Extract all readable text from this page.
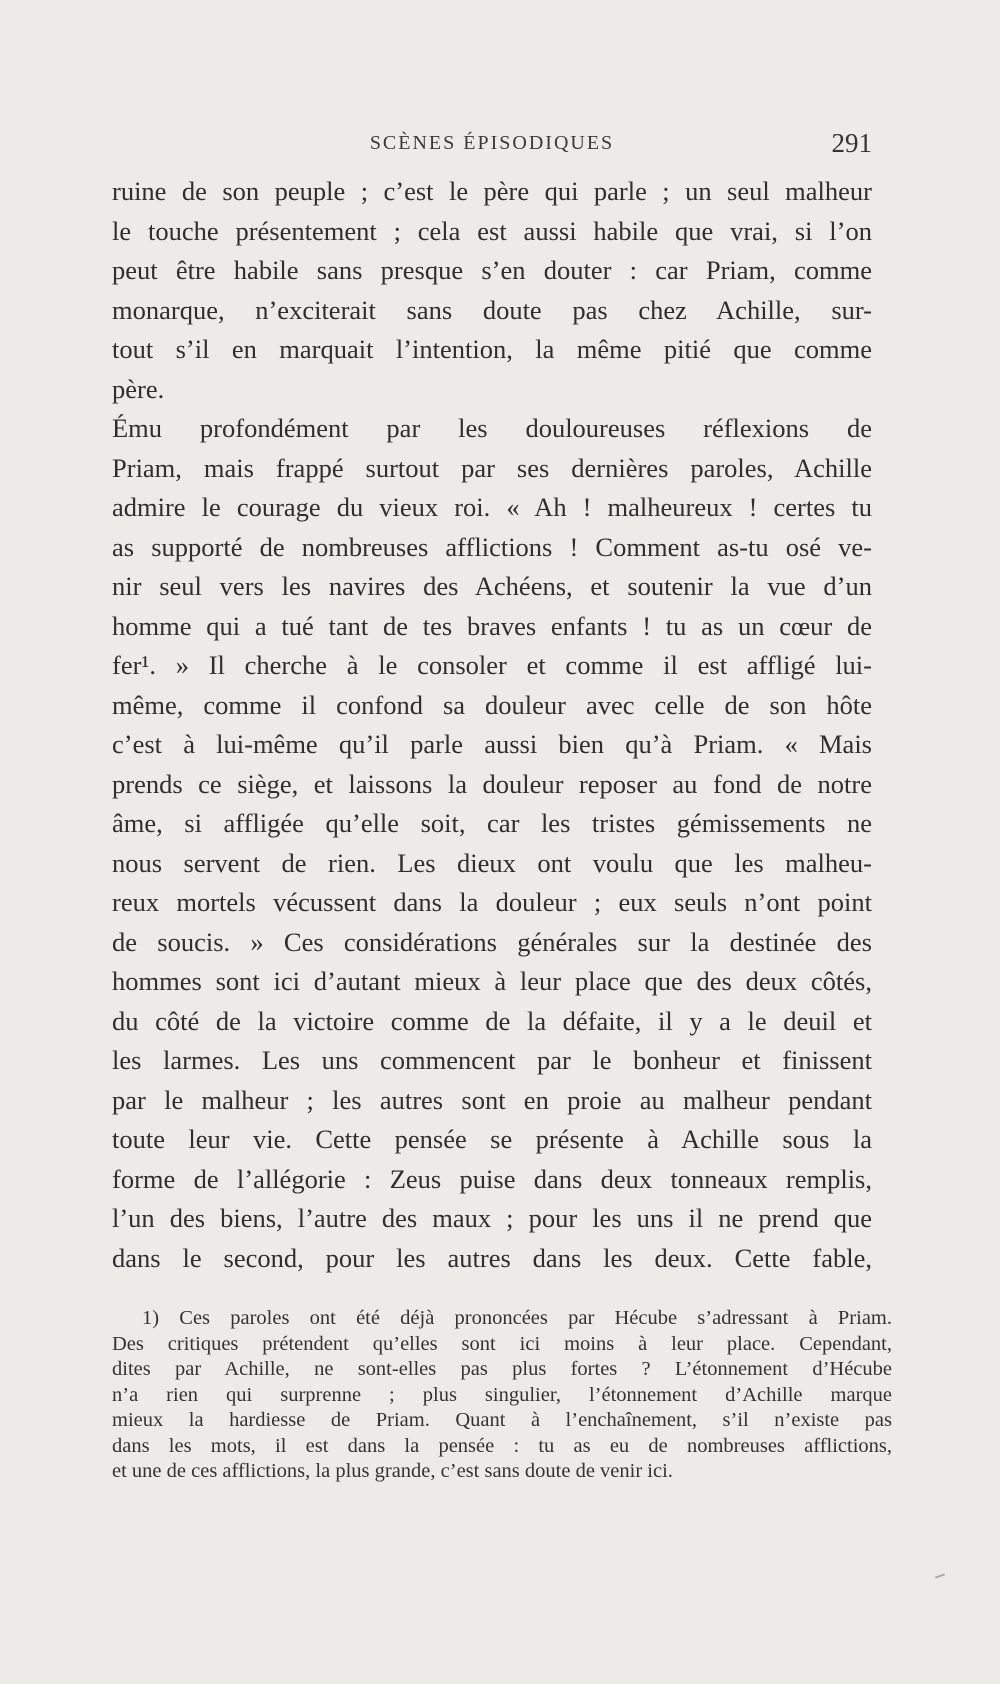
SCÈNES ÉPISODIQUES	291
ruine de son peuple ; c’est le père qui parle ; un seul malheur
le touche présentement ; cela est aussi habile que vrai, si l’on
peut être habile sans presque s’en douter : car Priam, comme
monarque, n’exciterait sans doute pas chez Achille, sur-
tout s’il en marquait l’intention, la même pitié que comme
père.
Ému profondément par les douloureuses réflexions de
Priam, mais frappé surtout par ses dernières paroles, Achille
admire le courage du vieux roi. « Ah ! malheureux ! certes tu
as supporté de nombreuses afflictions ! Comment as-tu osé ve-
nir seul vers les navires des Achéens, et soutenir la vue d’un
homme qui a tué tant de tes braves enfants ! tu as un cœur de
fer¹. » Il cherche à le consoler et comme il est affligé lui-
même, comme il confond sa douleur avec celle de son hôte
c’est à lui-même qu’il parle aussi bien qu’à Priam. « Mais
prends ce siège, et laissons la douleur reposer au fond de notre
âme, si affligée qu’elle soit, car les tristes gémissements ne
nous servent de rien. Les dieux ont voulu que les malheu-
reux mortels vécussent dans la douleur ; eux seuls n’ont point
de soucis. » Ces considérations générales sur la destinée des
hommes sont ici d’autant mieux à leur place que des deux côtés,
du côté de la victoire comme de la défaite, il y a le deuil et
les larmes. Les uns commencent par le bonheur et finissent
par le malheur ; les autres sont en proie au malheur pendant
toute leur vie. Cette pensée se présente à Achille sous la
forme de l’allégorie : Zeus puise dans deux tonneaux remplis,
l’un des biens, l’autre des maux ; pour les uns il ne prend que
dans le second, pour les autres dans les deux. Cette fable,
1) Ces paroles ont été déjà prononcées par Hécube s’adressant à Priam.
Des critiques prétendent qu’elles sont ici moins à leur place. Cependant,
dites par Achille, ne sont-elles pas plus fortes ? L’étonnement d’Hécube
n’a rien qui surprenne ; plus singulier, l’étonnement d’Achille marque
mieux la hardiesse de Priam. Quant à l’enchaînement, s’il n’existe pas
dans les mots, il est dans la pensée : tu as eu de nombreuses afflictions,
et une de ces afflictions, la plus grande, c’est sans doute de venir ici.
